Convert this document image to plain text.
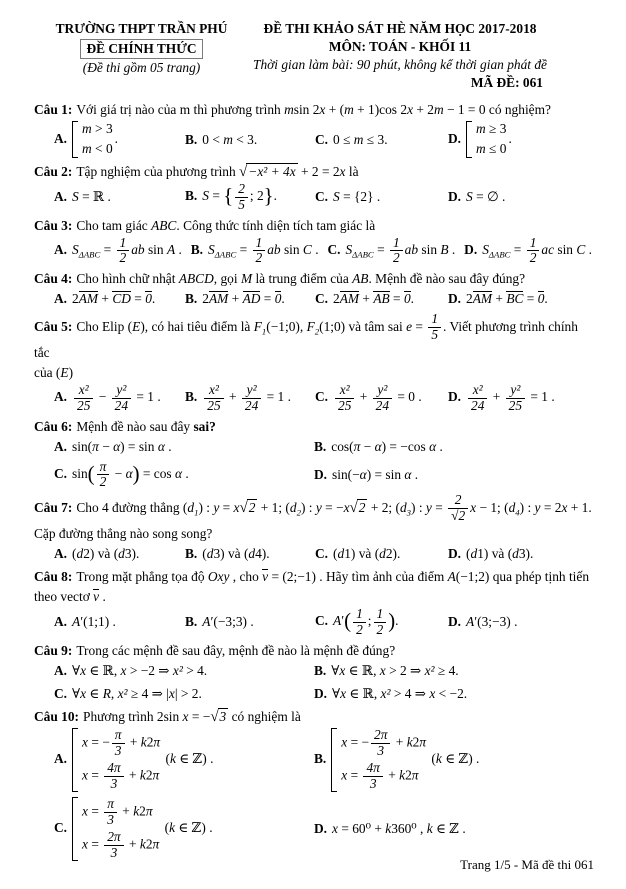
TRƯỜNG THPT TRẦN PHÚ
ĐỀ CHÍNH THỨC
(Đề thi gồm 05 trang)
ĐỀ THI KHẢO SÁT HÈ NĂM HỌC 2017-2018
MÔN: TOÁN - KHỐI 11
Thời gian làm bài: 90 phút, không kể thời gian phát đề
MÃ ĐỀ: 061
Câu 1: Với giá trị nào của m thì phương trình msin 2x + (m + 1)cos 2x + 2m − 1 = 0 có nghiệm?
A.
m > 3
m < 0
.	B. 0 < m < 3.	C. 0 ≤ m ≤ 3.	D.
m ≥ 3
m ≤ 0
.
Câu 2: Tập nghiệm của phương trình √−x² + 4x + 2 = 2x là
A. S = ℝ .	B. S = { $\frac{2}{5}$ ; 2}.	C. S = {2} .	D. S = ∅ .
Câu 3: Cho tam giác ABC. Công thức tính diện tích tam giác là
A. $S_{\Delta ABC} = \frac{1}{2}$ ab sin A . B. $S_{\Delta ABC} = \frac{1}{2}$ ab sin C . C. $S_{\Delta ABC} = \frac{1}{2}$ ab sin B . D. $S_{\Delta ABC} = \frac{1}{2}$ ac sin C .
Câu 4: Cho hình chữ nhật ABCD, gọi M là trung điểm của AB. Mệnh đề nào sau đây đúng?
A. 2AM + CD = 0.	B. 2AM + AD = 0.	C. 2AM + AB = 0.	D. 2AM + BC = 0.
Câu 5: Cho Elip (E), có hai tiêu điểm là $F_1(-1;0)$, $F_2(1;0)$ và tâm sai $e = \frac{1}{5}$ . Viết phương trình chính tắc
của (E)
A. $\frac{\text{x²}}{25} - \frac{\text{y²}}{24} = 1$ .	B. $\frac{\text{x²}}{25} + \frac{\text{y²}}{24} = 1$ .	C. $\frac{\text{x²}}{25} + \frac{\text{y²}}{24} = 0$ .	D. $\frac{\text{x²}}{24} + \frac{\text{y²}}{25} = 1$ .
Câu 6: Mệnh đề nào sau đây sai?
A. sin(π − α) = sin α .	B. cos(π − α) = −cos α .
C. $\sin( \frac{\pi}{2} - \alpha) = \cos \alpha$ .	D. sin(−α) = sin α .
Câu 7: Cho 4 đường thẳng $(d_1)$ : y = x√2 + 1; $(d_2)$ : y = −x√2 + 2; $(d_3)$ : $y = \frac{2}{√2}$ x − 1; $(d_4)$ : y = 2x + 1.
Cặp đường thẳng nào song song?
A. (d2) và (d3).	B. (d3) và (d4).	C. (d1) và (d2).	D. (d1) và (d3).
Câu 8: Trong mặt phẳng tọa độ Oxy , cho v = (2;−1) . Hãy tìm ảnh của điểm A(−1;2) qua phép tịnh tiến
theo vectơ v .
A. A′(1;1) .	B. A′(−3;3) .	C. $A'( \frac{1}{2}$ ; $\frac{1}{2}$ ).	D. A′(3;−3) .
Câu 9: Trong các mệnh đề sau đây, mệnh đề nào là mệnh đề đúng?
A. ∀x ∈ ℝ, x > −2 ⇒ x² > 4.	B. ∀x ∈ ℝ, x > 2 ⇒ x² ≥ 4.
C. ∀x ∈ R, x² ≥ 4 ⇒ |x| > 2.	D. ∀x ∈ ℝ, x² > 4 ⇒ x < −2.
Câu 10: Phương trình 2sin x = −√3 có nghiệm là
A.
x = − $\frac{\pi}{3} + k2\pi$
$x = \frac{4\pi}{3} + k2\pi$
(k ∈ ℤ) .	B.
x = − $\frac{2\pi}{3} + k2\pi$
$x = \frac{4\pi}{3} + k2\pi$
(k ∈ ℤ) .
C.
$x = \frac{\pi}{3} + k2\pi$
$x = \frac{2\pi}{3} + k2\pi$
(k ∈ ℤ) .	D. x = 60⁰ + k360⁰ , k ∈ ℤ .
Trang 1/5 - Mã đề thi 061
